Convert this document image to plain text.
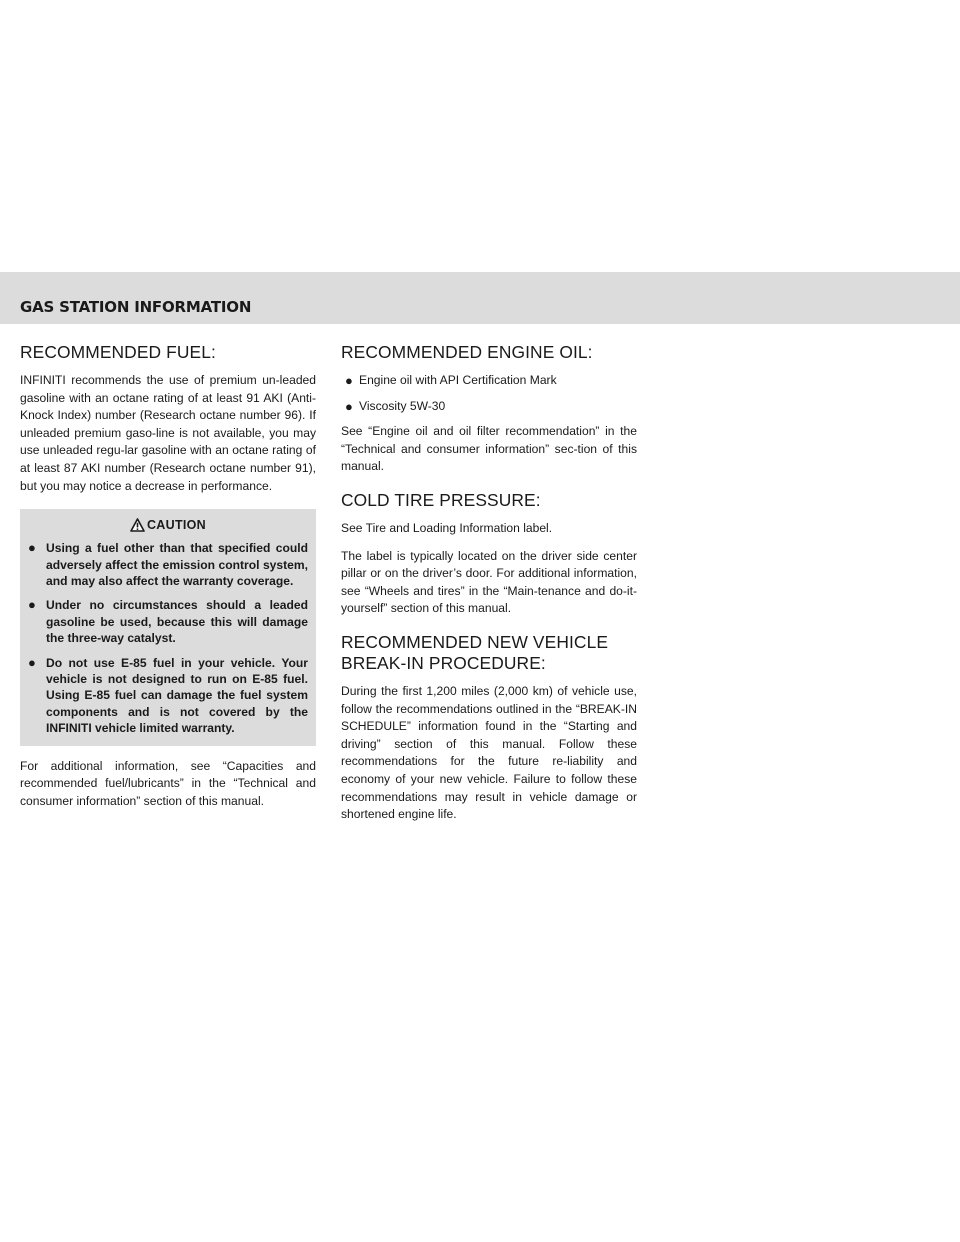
GAS STATION INFORMATION
RECOMMENDED FUEL:

INFINITI recommends the use of premium un-leaded gasoline with an octane rating of at least 91 AKI (Anti-Knock Index) number (Research octane number 96). If unleaded premium gaso-line is not available, you may use unleaded regu-lar gasoline with an octane rating of at least 87 AKI number (Research octane number 91), but you may notice a decrease in performance.

CAUTION
● Using a fuel other than that specified could adversely affect the emission control system, and may also affect the warranty coverage.
● Under no circumstances should a leaded gasoline be used, because this will damage the three-way catalyst.
● Do not use E-85 fuel in your vehicle. Your vehicle is not designed to run on E-85 fuel. Using E-85 fuel can damage the fuel system components and is not covered by the INFINITI vehicle limited warranty.

For additional information, see “Capacities and recommended fuel/lubricants” in the “Technical and consumer information” section of this manual.

RECOMMENDED ENGINE OIL:
● Engine oil with API Certification Mark
● Viscosity 5W-30

See “Engine oil and oil filter recommendation” in the “Technical and consumer information” sec-tion of this manual.

COLD TIRE PRESSURE:

See Tire and Loading Information label.

The label is typically located on the driver side center pillar or on the driver’s door. For additional information, see “Wheels and tires” in the “Main-tenance and do-it-yourself” section of this manual.

RECOMMENDED NEW VEHICLE BREAK-IN PROCEDURE:

During the first 1,200 miles (2,000 km) of vehicle use, follow the recommendations outlined in the “BREAK-IN SCHEDULE” information found in the “Starting and driving” section of this manual. Follow these recommendations for the future re-liability and economy of your new vehicle. Failure to follow these recommendations may result in vehicle damage or shortened engine life.
